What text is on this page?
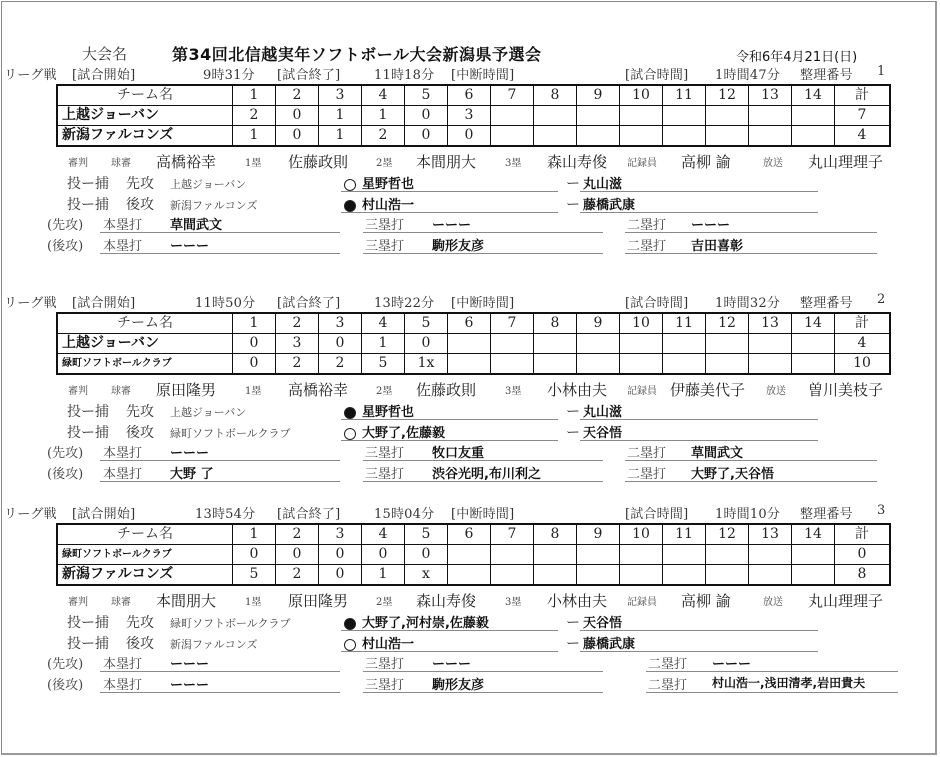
大会名	第34回北信越実年ソフトボール大会新潟県予選会	令和6年4月21日(日)
リーグ戦 [試合開始]	9時31分 [試合終了]	11時18分 [中断時間]	[試合時間] 1時間47分 整理番号 1
チーム名	1	2	3	4	5	6	7	8	9	10	11	12	13	14	計
上越ジョーバン	2	0	1	1	0	3									7
新潟ファルコンズ	1	0	1	2	0	0									4
審判 球審 高橋裕幸	1塁 佐藤政則	2塁 本間朋大	3塁 森山寿俊 記録員 高柳 諭	放送 丸山理理子
投ー捕 先攻 上越ジョーバン	星野哲也	ー 丸山滋
投ー捕 後攻 新潟ファルコンズ	村山浩一	ー 藤橋武康
(先攻) 本塁打 草間武文	三塁打 ーーー	二塁打 ーーー
(後攻) 本塁打 ーーー	三塁打 駒形友彦	二塁打 吉田喜彰
リーグ戦 [試合開始]	11時50分 [試合終了]	13時22分 [中断時間]	[試合時間] 1時間32分 整理番号 2
チーム名	1	2	3	4	5	6	7	8	9	10	11	12	13	14	計
上越ジョーバン	0	3	0	1	0										4
緑町ソフトボールクラブ	0	2	2	5	1x										10
審判 球審 原田隆男	1塁 高橋裕幸	2塁 佐藤政則	3塁 小林由夫 記録員 伊藤美代子 放送 曽川美枝子
投ー捕 先攻 上越ジョーバン	星野哲也	ー 丸山滋
投ー捕 後攻 緑町ソフトボールクラブ	大野了,佐藤毅	ー 天谷悟
(先攻) 本塁打 ーーー	三塁打 牧口友重	二塁打 草間武文
(後攻) 本塁打 大野 了	三塁打 渋谷光明,布川利之	二塁打 大野了,天谷悟
リーグ戦 [試合開始]	13時54分 [試合終了]	15時04分 [中断時間]	[試合時間] 1時間10分 整理番号 3
チーム名	1	2	3	4	5	6	7	8	9	10	11	12	13	14	計
緑町ソフトボールクラブ	0	0	0	0	0										0
新潟ファルコンズ	5	2	0	1	x										8
審判 球審 本間朋大	1塁 原田隆男	2塁 森山寿俊	3塁 小林由夫 記録員 高柳 諭	放送 丸山理理子
投ー捕 先攻 緑町ソフトボールクラブ	大野了,河村崇,佐藤毅	ー 天谷悟
投ー捕 後攻 新潟ファルコンズ	村山浩一	ー 藤橋武康
(先攻) 本塁打 ーーー	三塁打 ーーー	二塁打 ーーー
(後攻) 本塁打 ーーー	三塁打 駒形友彦	二塁打 村山浩一,浅田清孝,岩田貴夫
